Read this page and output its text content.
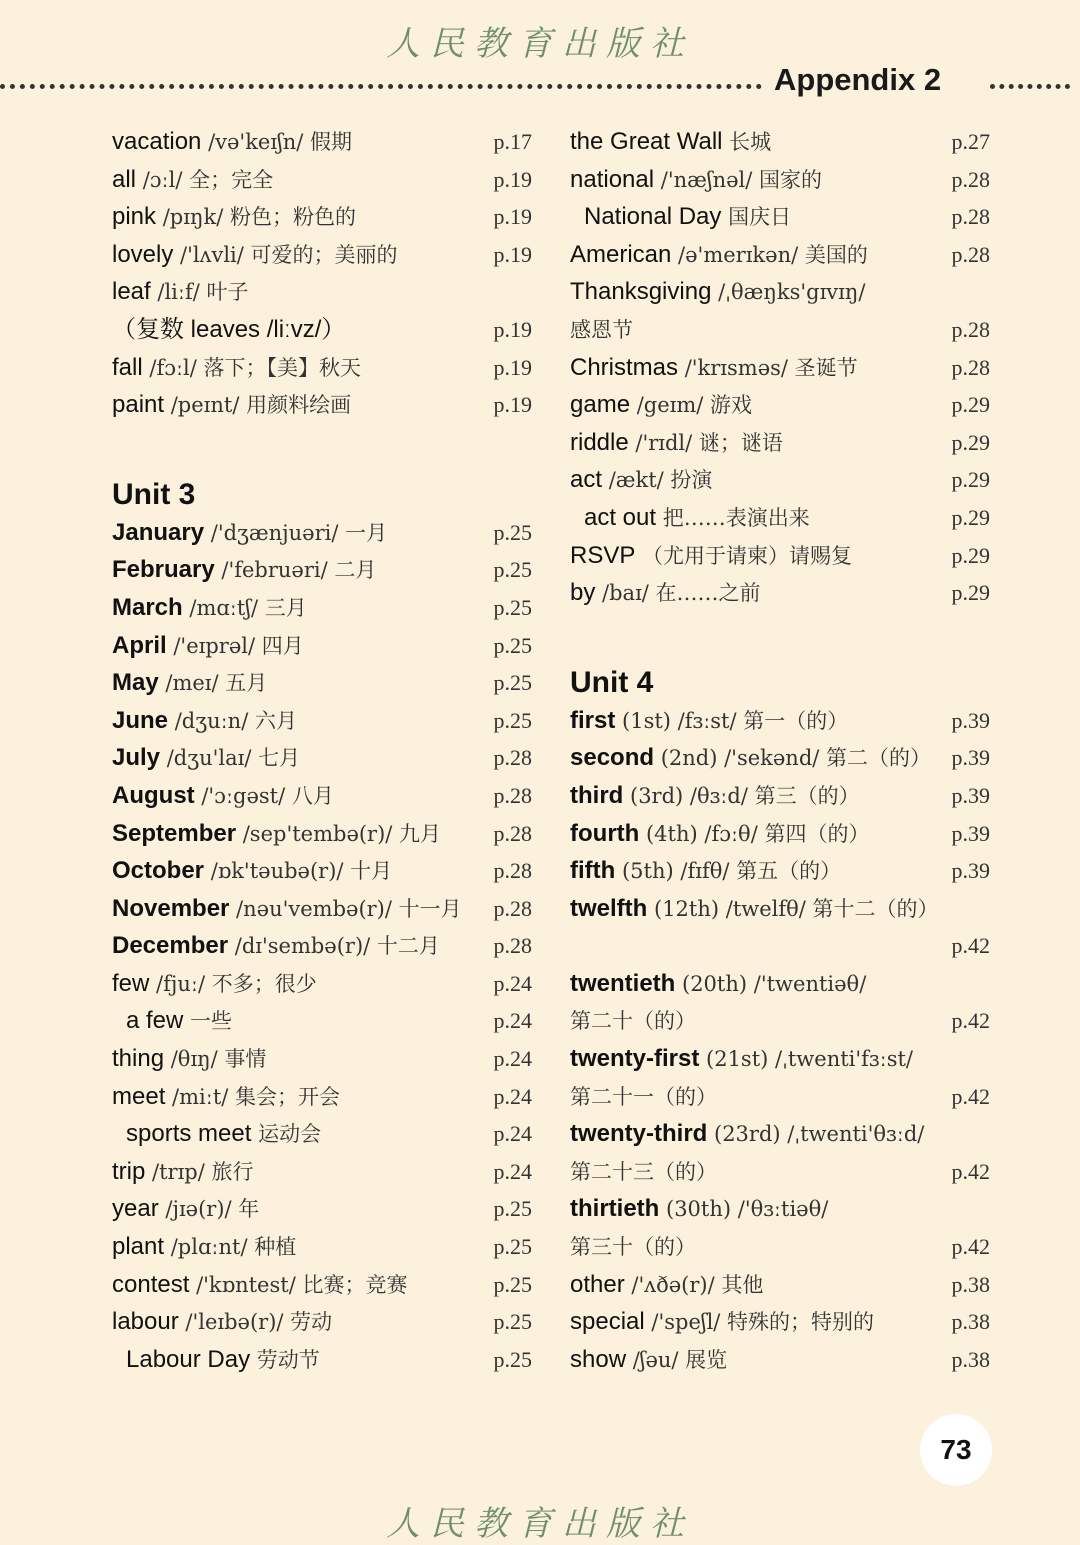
人民教育出版社
Appendix 2
vacation /və'keɪʃn/ 假期	p.17
all /ɔːl/ 全；完全	p.19
pink /pɪŋk/ 粉色；粉色的	p.19
lovely /'lʌvli/ 可爱的；美丽的	p.19
leaf /liːf/ 叶子
（复数 leaves /liːvz/）	p.19
fall /fɔːl/ 落下；【美】秋天	p.19
paint /peɪnt/ 用颜料绘画	p.19
Unit 3
January /'dʒænjuəri/ 一月	p.25
February /'februəri/ 二月	p.25
March /mɑːtʃ/ 三月	p.25
April /'eɪprəl/ 四月	p.25
May /meɪ/ 五月	p.25
June /dʒuːn/ 六月	p.25
July /dʒu'laɪ/ 七月	p.28
August /'ɔːgəst/ 八月	p.28
September /sep'tembə(r)/ 九月 p.28
October /ɒk'təubə(r)/ 十月	p.28
November /nəu'vembə(r)/ 十一月 p.28
December /dɪ'sembə(r)/ 十二月 p.28
few /fjuː/ 不多；很少	p.24
a few 一些	p.24
thing /θɪŋ/ 事情	p.24
meet /miːt/ 集会；开会	p.24
sports meet 运动会	p.24
trip /trɪp/ 旅行	p.24
year /jɪə(r)/ 年	p.25
plant /plɑːnt/ 种植	p.25
contest /'kɒntest/ 比赛；竞赛	p.25
labour /'leɪbə(r)/ 劳动	p.25
Labour Day 劳动节	p.25
the Great Wall 长城	p.27
national /'næʃnəl/ 国家的	p.28
National Day 国庆日	p.28
American /ə'merɪkən/ 美国的	p.28
Thanksgiving /ˌθæŋks'gɪvɪŋ/
感恩节	p.28
Christmas /'krɪsməs/ 圣诞节	p.28
game /geɪm/ 游戏	p.29
riddle /'rɪdl/ 谜；谜语	p.29
act /ækt/ 扮演	p.29
act out 把……表演出来	p.29
RSVP （尤用于请柬）请赐复	p.29
by /baɪ/ 在……之前	p.29
Unit 4
first (1st) /fɜːst/ 第一（的）	p.39
second (2nd) /'sekənd/ 第二（的） p.39
third (3rd) /θɜːd/ 第三（的）	p.39
fourth (4th) /fɔːθ/ 第四（的）	p.39
fifth (5th) /fɪfθ/ 第五（的）	p.39
twelfth (12th) /twelfθ/ 第十二（的）
p.42
twentieth (20th) /'twentiəθ/
第二十（的）	p.42
twenty-first (21st) /ˌtwenti'fɜːst/
第二十一（的）	p.42
twenty-third (23rd) /ˌtwenti'θɜːd/
第二十三（的）	p.42
thirtieth (30th) /'θɜːtiəθ/
第三十（的）	p.42
other /'ʌðə(r)/ 其他	p.38
special /'speʃl/ 特殊的；特别的	p.38
show /ʃəu/ 展览	p.38
73
人民教育出版社
